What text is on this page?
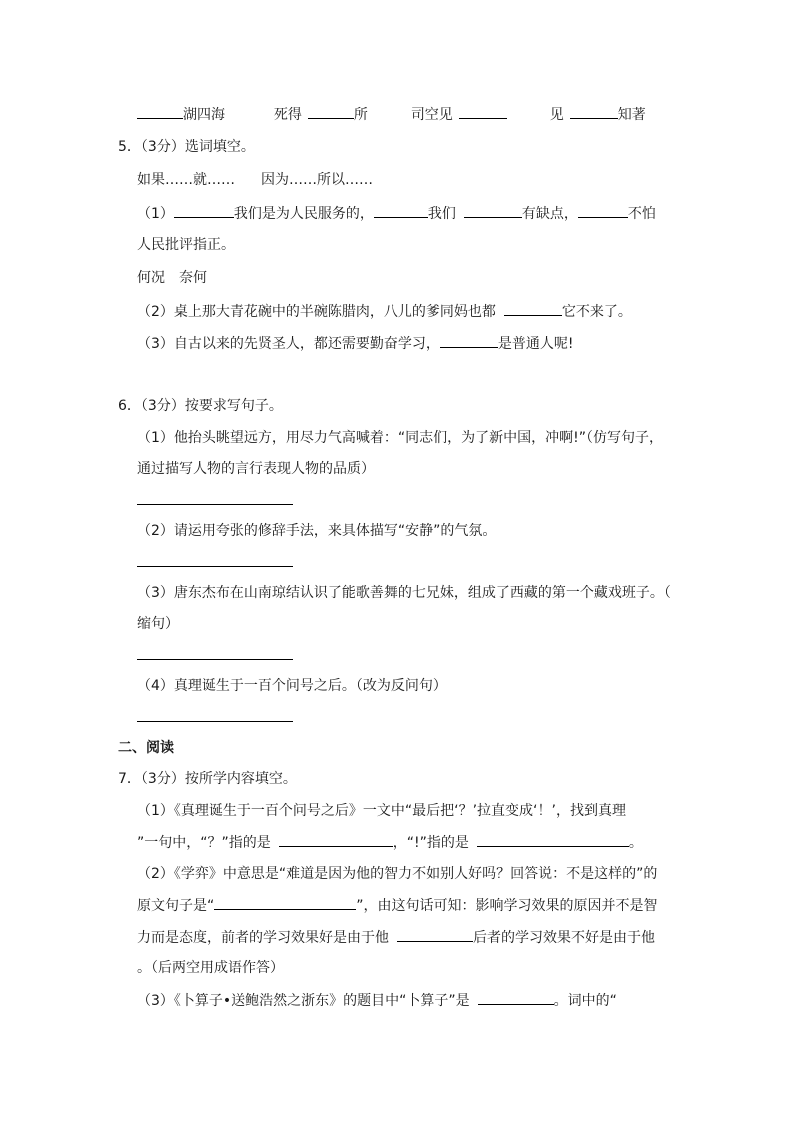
湖四海	死得	所	司空见	见	知著
5．（3分）选词填空。
如果……就…… 因为……所以……
（1）	我们是为人民服务的，	我们	有缺点，	不怕
人民批评指正。
何况　奈何
（2）桌上那大青花碗中的半碗陈腊肉，八儿的爹同妈也都	它不来了。
（3）自古以来的先贤圣人，都还需要勤奋学习，	是普通人呢!
6．（3分）按要求写句子。
（1）他抬头眺望远方，用尽力气高喊着：“同志们，为了新中国，冲啊!”（仿写句子，
通过描写人物的言行表现人物的品质）
（2）请运用夸张的修辞手法，来具体描写“安静”的气氛。
（3）唐东杰布在山南琼结认识了能歌善舞的七兄妹，组成了西藏的第一个藏戏班子。（
缩句）
（4）真理诞生于一百个问号之后。（改为反问句）
二、阅读
7．（3分）按所学内容填空。
（1）《真理诞生于一百个问号之后》一文中“最后把‘？’拉直变成‘！’，找到真理
”一句中，“？”指的是	，“!”指的是	。
（2）《学弈》中意思是“难道是因为他的智力不如别人好吗？回答说：不是这样的”的
原文句子是“	”，由这句话可知：影响学习效果的原因并不是智
力而是态度，前者的学习效果好是由于他	后者的学习效果不好是由于他
。（后两空用成语作答）
（3）《卜算子•送鲍浩然之浙东》的题目中“卜算子”是	。词中的“
